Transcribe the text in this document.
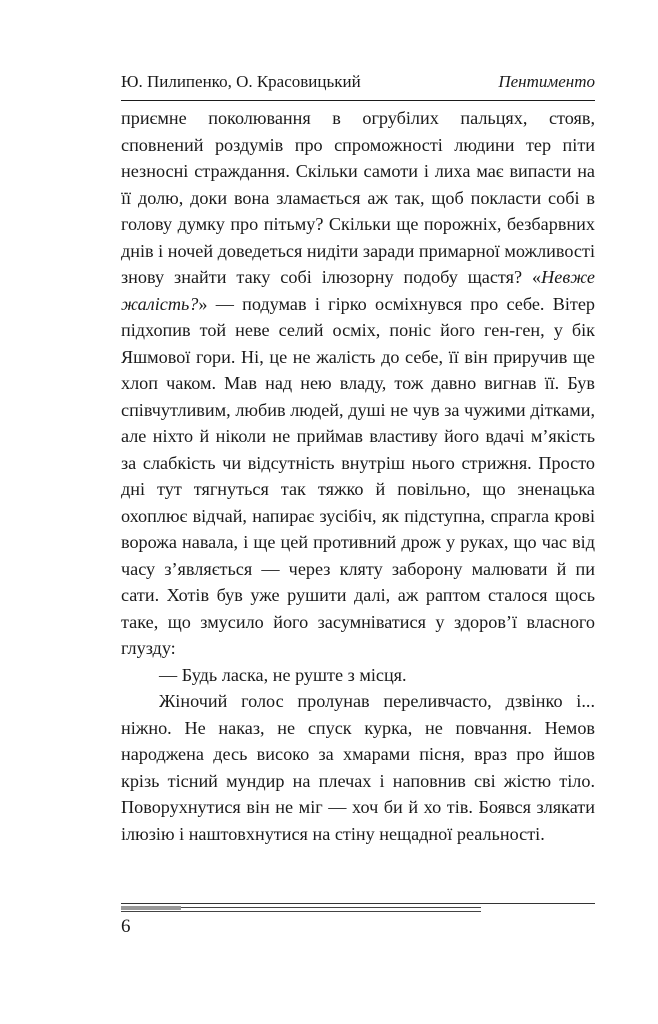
Ю. Пилипенко, О. Красовицький	Пентименто

приємне поколювання в огрубілих пальцях, стояв, сповнений роздумів про спроможності людини тер піти незносні страждання. Скільки самоти і лиха має випасти на її долю, доки вона зламається аж так, щоб покласти собі в голову думку про пітьму? Скільки ще порожніх, безбарвних днів і ночей доведеться нидіти заради примарної можливості знову знайти таку собі ілюзорну подобу щастя? «Невже жалість?» — подумав і гірко осміхнувся про себе. Вітер підхопив той неве селий осміх, поніс його ген-ген, у бік Яшмової гори. Ні, це не жалість до себе, її він приручив ще хлоп чаком. Мав над нею владу, тож давно вигнав її. Був співчутливим, любив людей, душі не чув за чужими дітками, але ніхто й ніколи не приймав властиву його вдачі м’якість за слабкість чи відсутність внутріш нього стрижня. Просто дні тут тягнуться так тяжко й повільно, що зненацька охоплює відчай, напирає зусібіч, як підступна, спрагла крові ворожа навала, і ще цей противний дрож у руках, що час від часу з’являється — через кляту заборону малювати й пи сати. Хотів був уже рушити далі, аж раптом сталося щось таке, що змусило його засумніватися у здоров’ї власного глузду:

— Будь ласка, не руште з місця.

Жіночий голос пролунав переливчасто, дзвінко і... ніжно. Не наказ, не спуск курка, не повчання. Немов народжена десь високо за хмарами пісня, враз про йшов крізь тісний мундир на плечах і наповнив сві жістю тіло. Поворухнутися він не міг — хоч би й хо тів. Боявся злякати ілюзію і наштовхнутися на стіну нещадної реальності.

6
